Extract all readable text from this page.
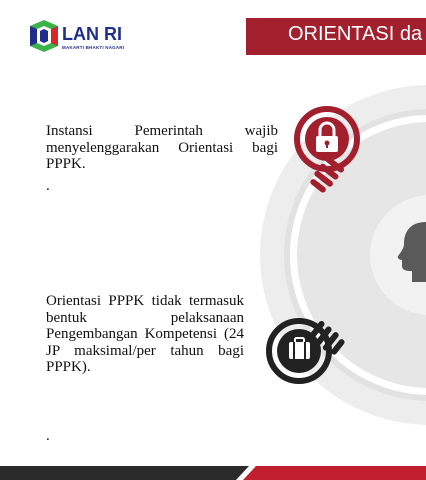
LAN RI
MAKARTI BHAKTI NAGARI
ORIENTASI da
Instansi Pemerintah wajib menyelenggarakan Orientasi bagi PPPK.
.
Orientasi PPPK tidak termasuk bentuk pelaksanaan Pengembangan Kompetensi (24 JP maksimal/per tahun bagi PPPK).
.
